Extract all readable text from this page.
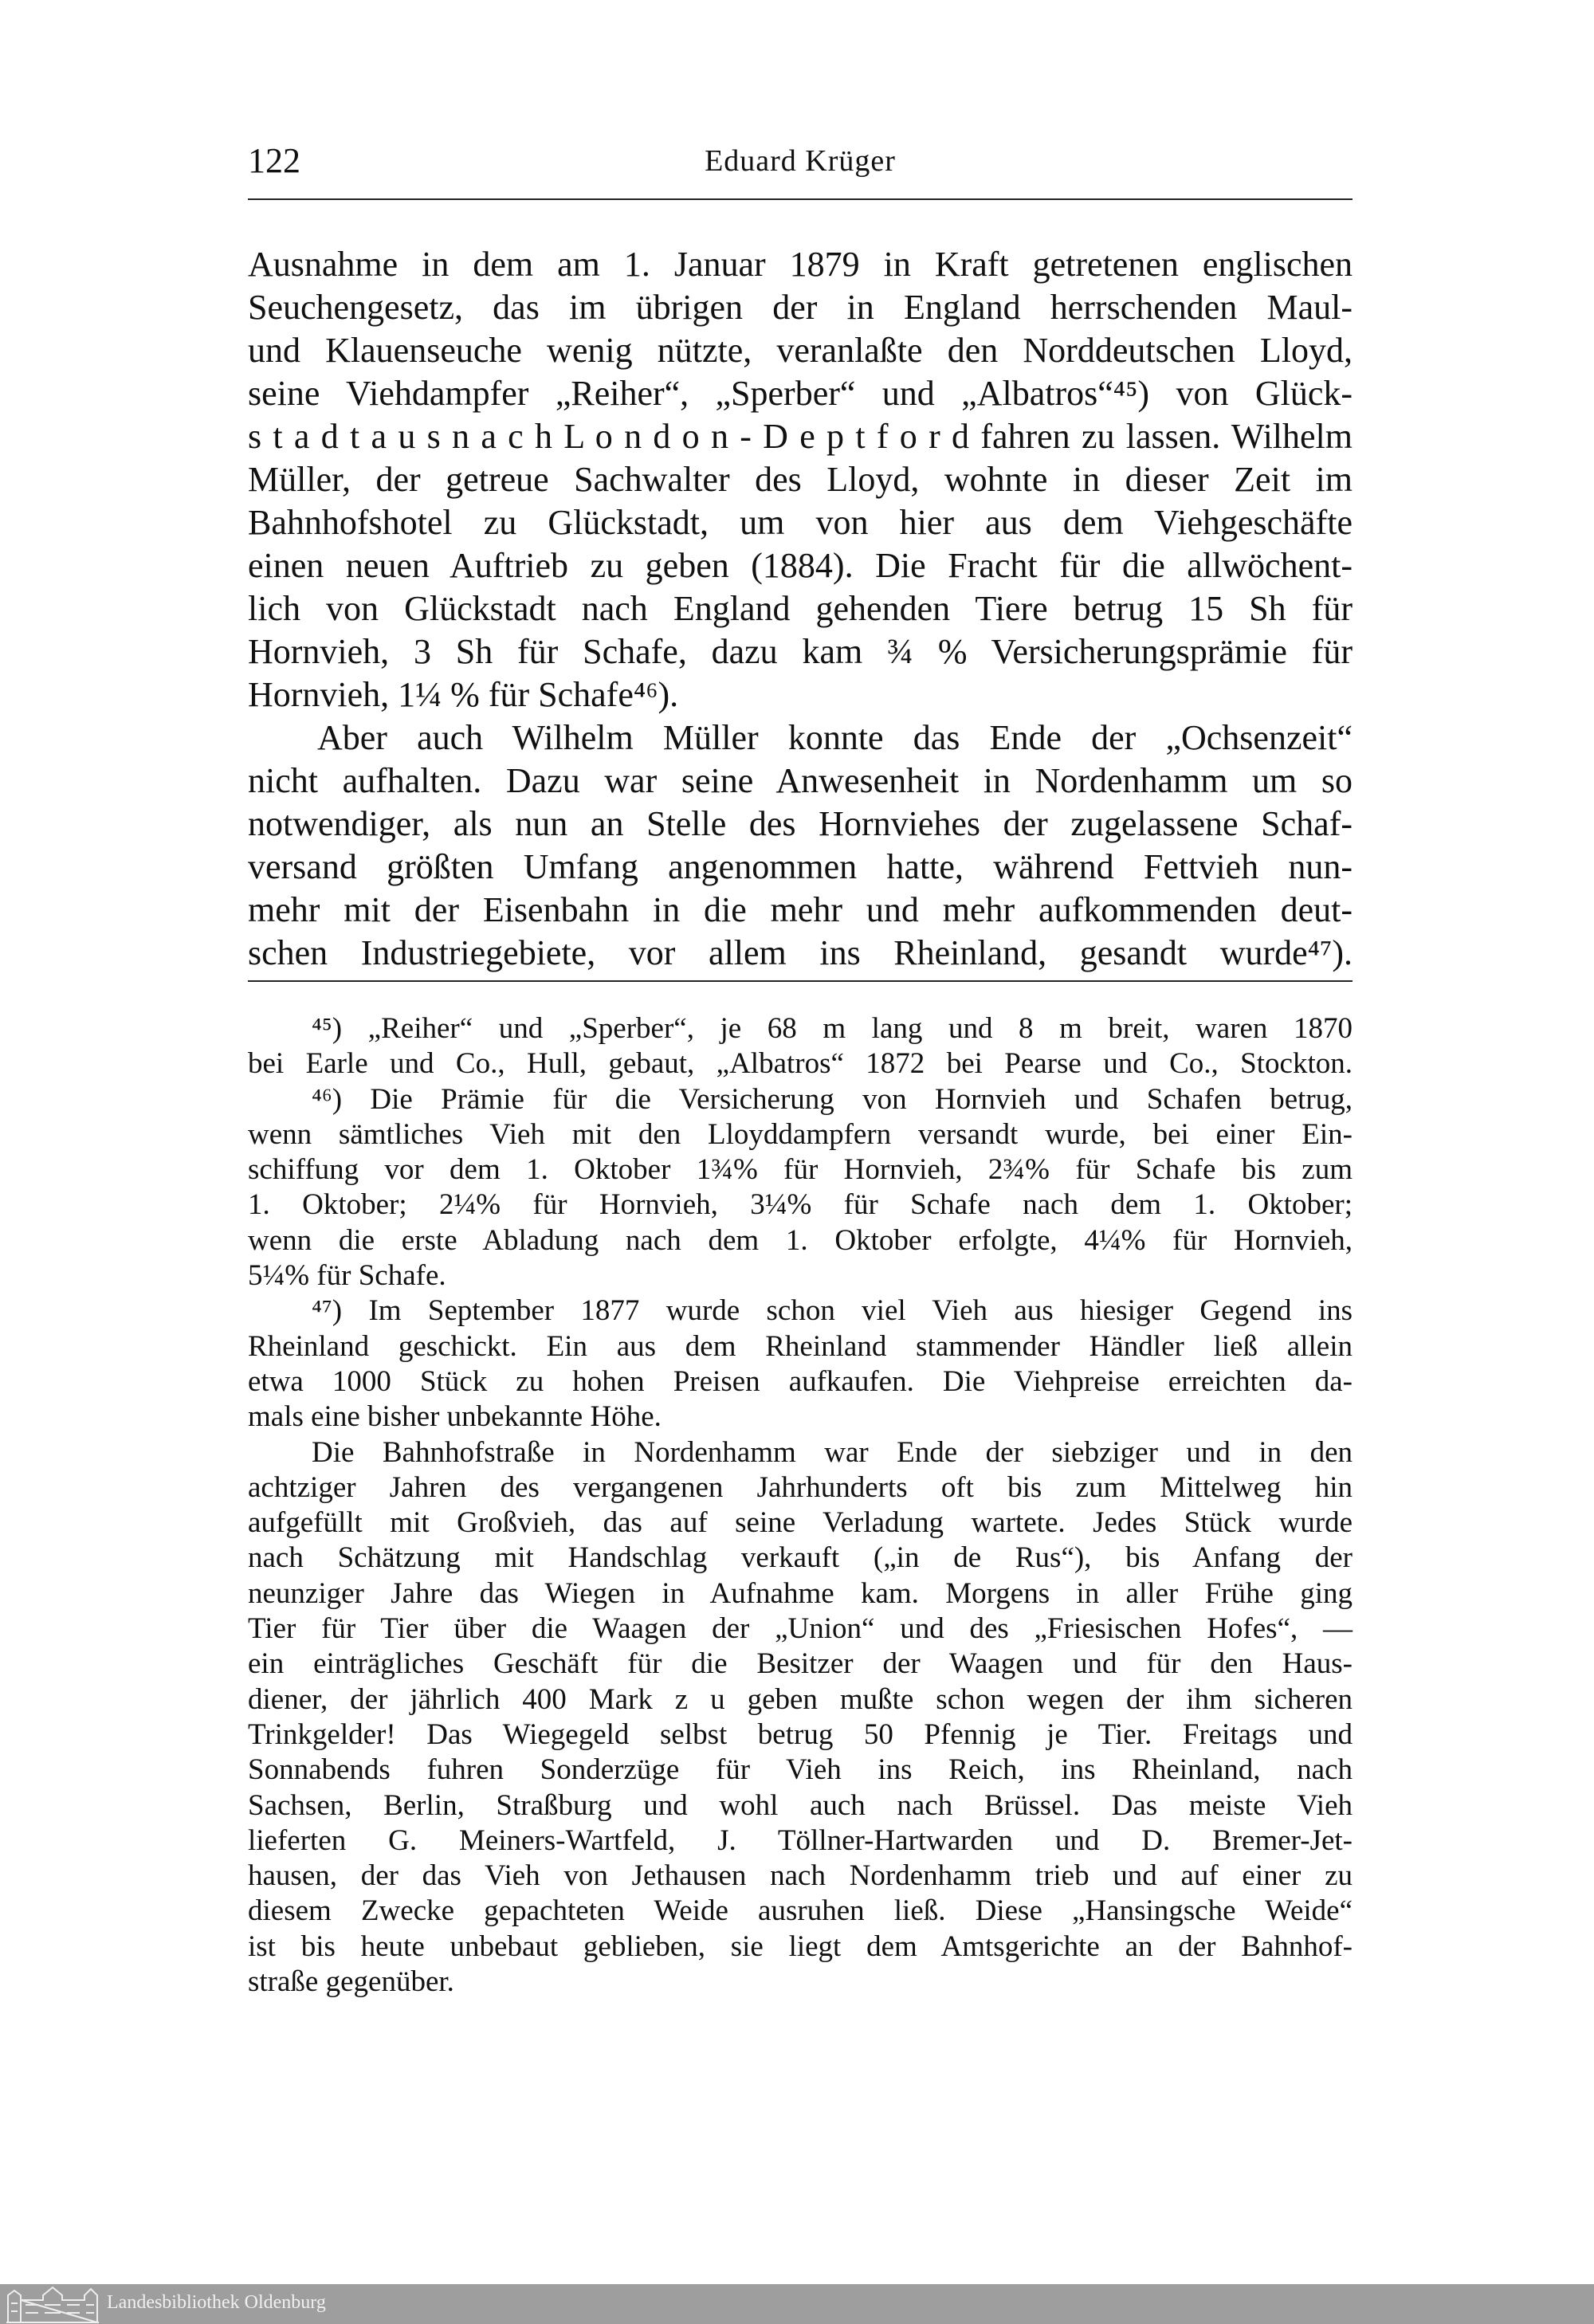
122	Eduard Krüger
Ausnahme in dem am 1. Januar 1879 in Kraft getretenen englischen
Seuchengesetz, das im übrigen der in England herrschenden Maul-
und Klauenseuche wenig nützte, veranlaßte den Norddeutschen Lloyd,
seine Viehdampfer „Reiher“, „Sperber“ und „Albatros“⁴⁵) von Glück-
s t a d t a u s n a c h L o n d o n - D e p t f o r d fahren zu lassen. Wilhelm
Müller, der getreue Sachwalter des Lloyd, wohnte in dieser Zeit im
Bahnhofshotel zu Glückstadt, um von hier aus dem Viehgeschäfte
einen neuen Auftrieb zu geben (1884). Die Fracht für die allwöchent-
lich von Glückstadt nach England gehenden Tiere betrug 15 Sh für
Hornvieh, 3 Sh für Schafe, dazu kam ¾ % Versicherungsprämie für
Hornvieh, 1¼ % für Schafe⁴⁶).
Aber auch Wilhelm Müller konnte das Ende der „Ochsenzeit“
nicht aufhalten. Dazu war seine Anwesenheit in Nordenhamm um so
notwendiger, als nun an Stelle des Hornviehes der zugelassene Schaf-
versand größten Umfang angenommen hatte, während Fettvieh nun-
mehr mit der Eisenbahn in die mehr und mehr aufkommenden deut-
schen Industriegebiete, vor allem ins Rheinland, gesandt wurde⁴⁷).
⁴⁵) „Reiher“ und „Sperber“, je 68 m lang und 8 m breit, waren 1870
bei Earle und Co., Hull, gebaut, „Albatros“ 1872 bei Pearse und Co., Stockton.
⁴⁶) Die Prämie für die Versicherung von Hornvieh und Schafen betrug,
wenn sämtliches Vieh mit den Lloyddampfern versandt wurde, bei einer Ein-
schiffung vor dem 1. Oktober 1¾% für Hornvieh, 2¾% für Schafe bis zum
1. Oktober; 2¼% für Hornvieh, 3¼% für Schafe nach dem 1. Oktober;
wenn die erste Abladung nach dem 1. Oktober erfolgte, 4¼% für Hornvieh,
5¼% für Schafe.
⁴⁷) Im September 1877 wurde schon viel Vieh aus hiesiger Gegend ins
Rheinland geschickt. Ein aus dem Rheinland stammender Händler ließ allein
etwa 1000 Stück zu hohen Preisen aufkaufen. Die Viehpreise erreichten da-
mals eine bisher unbekannte Höhe.
Die Bahnhofstraße in Nordenhamm war Ende der siebziger und in den
achtziger Jahren des vergangenen Jahrhunderts oft bis zum Mittelweg hin
aufgefüllt mit Großvieh, das auf seine Verladung wartete. Jedes Stück wurde
nach Schätzung mit Handschlag verkauft („in de Rus“), bis Anfang der
neunziger Jahre das Wiegen in Aufnahme kam. Morgens in aller Frühe ging
Tier für Tier über die Waagen der „Union“ und des „Friesischen Hofes“, —
ein einträgliches Geschäft für die Besitzer der Waagen und für den Haus-
diener, der jährlich 400 Mark z u geben mußte schon wegen der ihm sicheren
Trinkgelder! Das Wiegegeld selbst betrug 50 Pfennig je Tier. Freitags und
Sonnabends fuhren Sonderzüge für Vieh ins Reich, ins Rheinland, nach
Sachsen, Berlin, Straßburg und wohl auch nach Brüssel. Das meiste Vieh
lieferten G. Meiners-Wartfeld, J. Töllner-Hartwarden und D. Bremer-Jet-
hausen, der das Vieh von Jethausen nach Nordenhamm trieb und auf einer zu
diesem Zwecke gepachteten Weide ausruhen ließ. Diese „Hansingsche Weide“
ist bis heute unbebaut geblieben, sie liegt dem Amtsgerichte an der Bahnhof-
straße gegenüber.
Landesbibliothek Oldenburg
